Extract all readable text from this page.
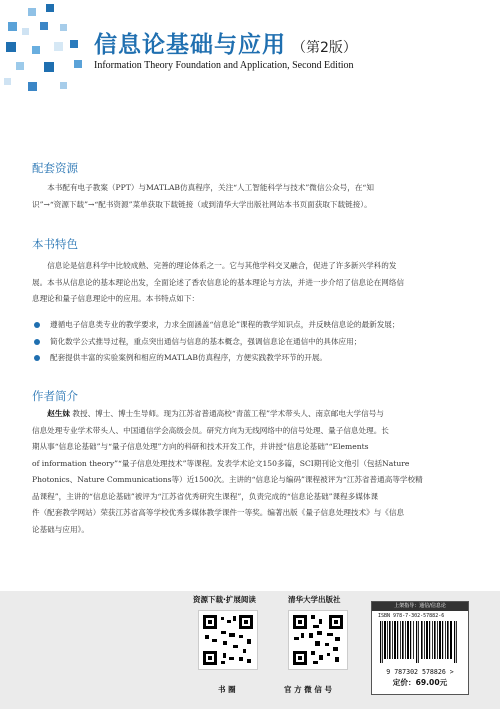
信息论基础与应用 （第2版）
Information Theory Foundation and Application, Second Edition
配套资源
本书配有电子教案（PPT）与MATLAB仿真程序，关注“人工智能科学与技术”微信公众号，在“知
识”→“资源下载”→“配书资源”菜单获取下载链接（或到清华大学出版社网站本书页面获取下载链接）。
本书特色
信息论是信息科学中比较成熟、完善的理论体系之一。它与其他学科交叉融合，促进了许多新兴学科的发
展。本书从信息论的基本理论出发，全面论述了香农信息论的基本理论与方法，并进一步介绍了信息论在网络信
息理论和量子信息理论中的应用。本书特点如下：
遵循电子信息类专业的教学要求，力求全面涵盖“信息论”课程的教学知识点，并反映信息论的最新发展；
简化数学公式推导过程，重点突出通信与信息的基本概念，强调信息论在通信中的具体应用；
配套提供丰富的实验案例和相应的MATLAB仿真程序，方便实践教学环节的开展。
作者简介
赵生妹 教授、博士、博士生导师。现为江苏省普通高校“青蓝工程”学术带头人、南京邮电大学信号与
信息处理专业学术带头人、中国通信学会高级会员。研究方向为无线网络中的信号处理、量子信息处理。长
期从事“信息论基础”与“量子信息处理”方向的科研和技术开发工作，并讲授“信息论基础”“Elements
of information theory”“量子信息处理技术”等课程。发表学术论文150多篇，SCI期刊论文他引（包括Nature
Photonics、Nature Communications等）近1500次。主讲的“信息论与编码”课程被评为“江苏省普通高等学校精
品课程”，主讲的“信息论基础”被评为“江苏省优秀研究生课程”，负责完成的“信息论基础”课程多媒体课
件（配套教学网站）荣获江苏省高等学校优秀多媒体教学课件一等奖。编著出版《量子信息处理技术》与《信息
论基础与应用》。
资源下载·扩展阅读
书 圈
清华大学出版社
官 方 微 信 号
上架指导：通信/信息论
ISBN 978-7-302-57882-6
9 787302 578826 >
定价：69.00元
